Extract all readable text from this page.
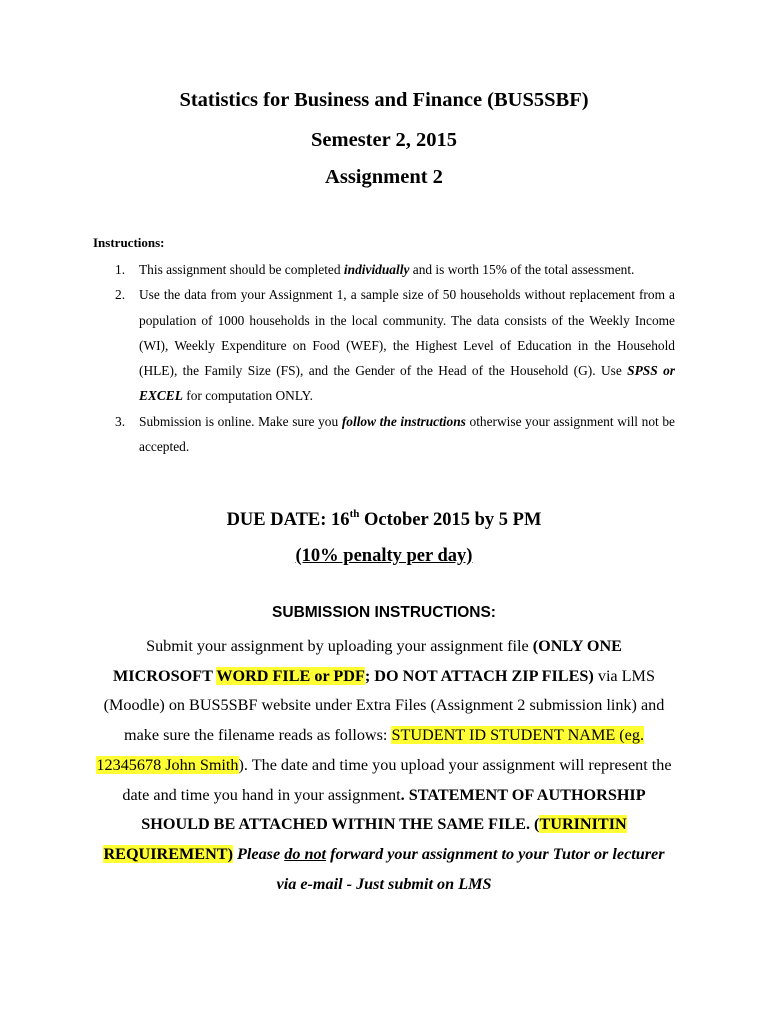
Statistics for Business and Finance (BUS5SBF)
Semester 2, 2015
Assignment 2
Instructions:
1. This assignment should be completed individually and is worth 15% of the total assessment.
2. Use the data from your Assignment 1, a sample size of 50 households without replacement from a population of 1000 households in the local community. The data consists of the Weekly Income (WI), Weekly Expenditure on Food (WEF), the Highest Level of Education in the Household (HLE), the Family Size (FS), and the Gender of the Head of the Household (G). Use SPSS or EXCEL for computation ONLY.
3. Submission is online. Make sure you follow the instructions otherwise your assignment will not be accepted.
DUE DATE: 16th October 2015 by 5 PM
(10% penalty per day)
SUBMISSION INSTRUCTIONS:
Submit your assignment by uploading your assignment file (ONLY ONE MICROSOFT WORD FILE or PDF; DO NOT ATTACH ZIP FILES) via LMS (Moodle) on BUS5SBF website under Extra Files (Assignment 2 submission link) and make sure the filename reads as follows: STUDENT ID STUDENT NAME (eg. 12345678 John Smith). The date and time you upload your assignment will represent the date and time you hand in your assignment. STATEMENT OF AUTHORSHIP SHOULD BE ATTACHED WITHIN THE SAME FILE. (TURINITIN REQUIREMENT) Please do not forward your assignment to your Tutor or lecturer via e-mail - Just submit on LMS
